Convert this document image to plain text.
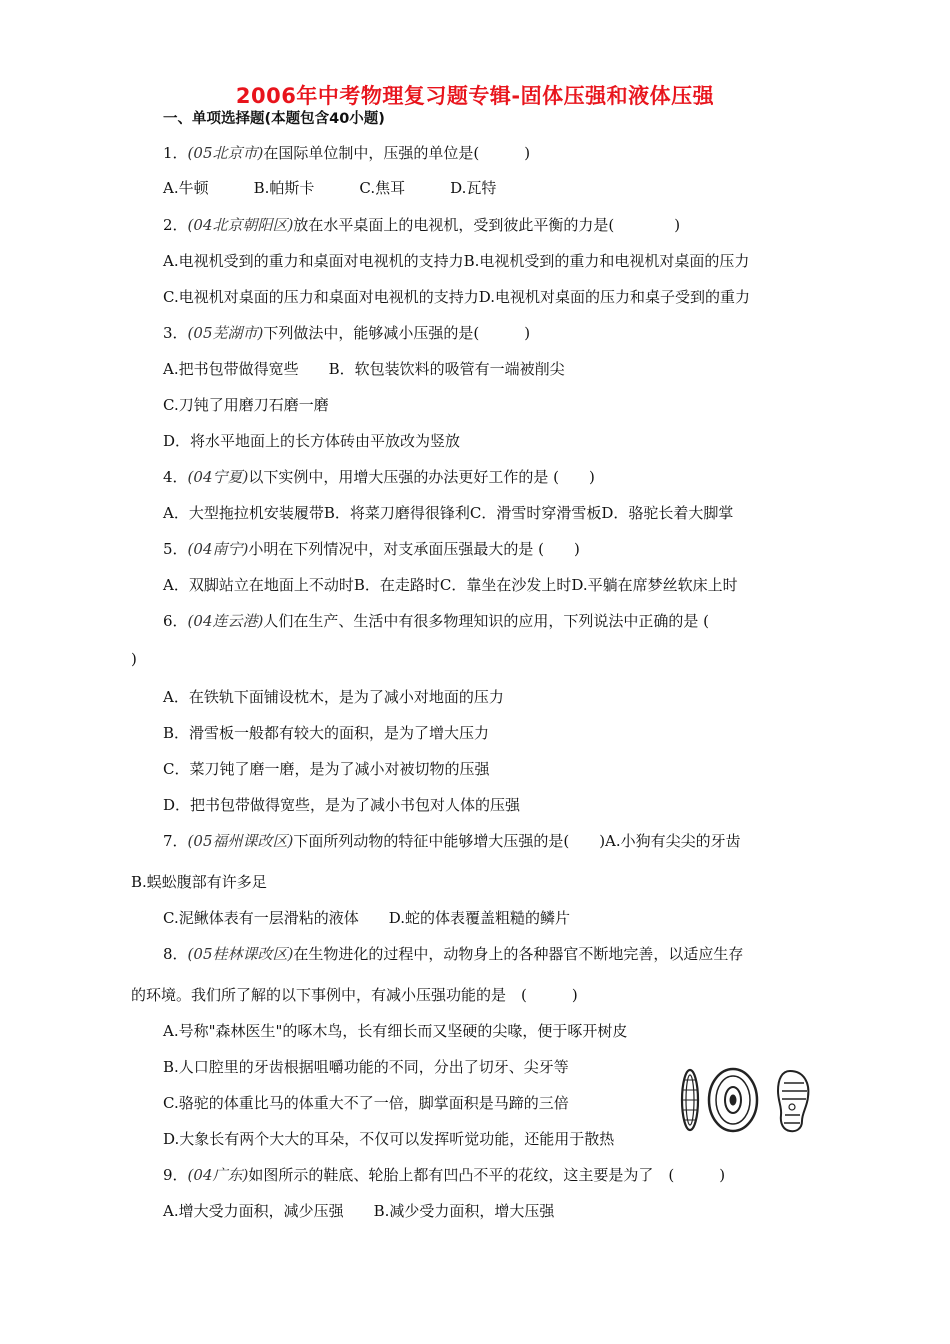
2006年中考物理复习题专辑-固体压强和液体压强
一、单项选择题(本题包含40小题)
1．(05北京市)在国际单位制中，压强的单位是(　　　)
A.牛顿　　　B.帕斯卡　　　C.焦耳　　　D.瓦特
2．(04北京朝阳区)放在水平桌面上的电视机，受到彼此平衡的力是(　　　　)
A.电视机受到的重力和桌面对电视机的支持力B.电视机受到的重力和电视机对桌面的压力
C.电视机对桌面的压力和桌面对电视机的支持力D.电视机对桌面的压力和桌子受到的重力
3．(05芜湖市)下列做法中，能够减小压强的是(　　　)
A.把书包带做得宽些　　B．软包装饮料的吸管有一端被削尖
C.刀钝了用磨刀石磨一磨
D．将水平地面上的长方体砖由平放改为竖放
4．(04宁夏)以下实例中，用增大压强的办法更好工作的是 (　　)
A．大型拖拉机安装履带B．将菜刀磨得很锋利C．滑雪时穿滑雪板D．骆驼长着大脚掌
5．(04南宁)小明在下列情况中，对支承面压强最大的是 (　　)
A．双脚站立在地面上不动时B．在走路时C．靠坐在沙发上时D.平躺在席梦丝软床上时
6．(04连云港)人们在生产、生活中有很多物理知识的应用，下列说法中正确的是 (
)
A．在铁轨下面铺设枕木，是为了减小对地面的压力
B．滑雪板一般都有较大的面积，是为了增大压力
C．菜刀钝了磨一磨，是为了减小对被切物的压强
D．把书包带做得宽些，是为了减小书包对人体的压强
7．(05福州课改区)下面所列动物的特征中能够增大压强的是(　　)A.小狗有尖尖的牙齿
B.蜈蚣腹部有许多足
C.泥鳅体表有一层滑粘的液体　　D.蛇的体表覆盖粗糙的鳞片
8．(05桂林课改区)在生物进化的过程中，动物身上的各种器官不断地完善，以适应生存
的环境。我们所了解的以下事例中，有减小压强功能的是　(　　　)
A.号称"森林医生"的啄木鸟，长有细长而又坚硬的尖喙，便于啄开树皮
B.人口腔里的牙齿根据咀嚼功能的不同，分出了切牙、尖牙等
C.骆驼的体重比马的体重大不了一倍，脚掌面积是马蹄的三倍
D.大象长有两个大大的耳朵，不仅可以发挥听觉功能，还能用于散热
9．(04广东)如图所示的鞋底、轮胎上都有凹凸不平的花纹，这主要是为了　(　　　)
A.增大受力面积，减少压强　　B.减少受力面积，增大压强
